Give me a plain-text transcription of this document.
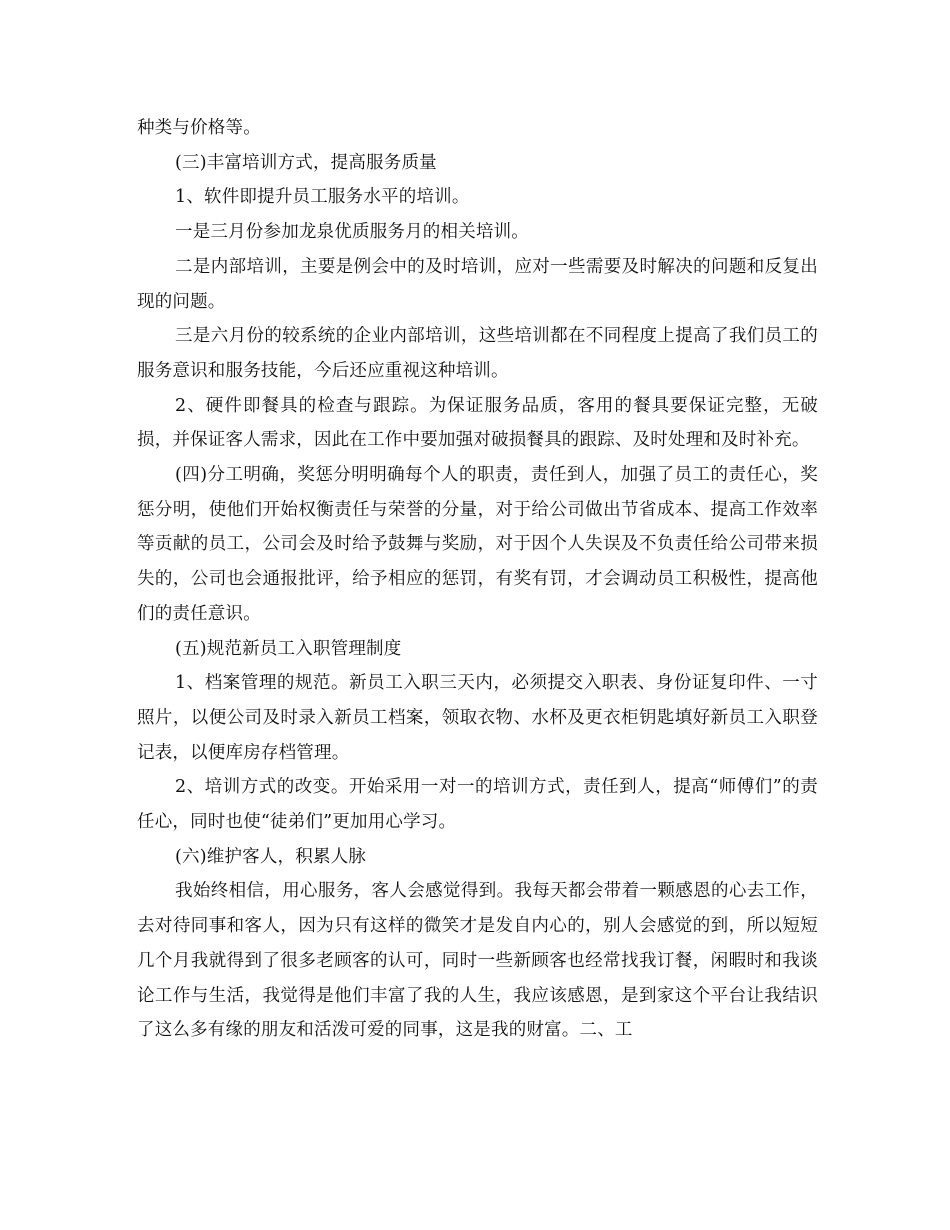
种类与价格等。

(三)丰富培训方式，提高服务质量

1、软件即提升员工服务水平的培训。

一是三月份参加龙泉优质服务月的相关培训。

二是内部培训，主要是例会中的及时培训，应对一些需要及时解决的问题和反复出现的问题。

三是六月份的较系统的企业内部培训，这些培训都在不同程度上提高了我们员工的服务意识和服务技能，今后还应重视这种培训。

2、硬件即餐具的检查与跟踪。为保证服务品质，客用的餐具要保证完整，无破损，并保证客人需求，因此在工作中要加强对破损餐具的跟踪、及时处理和及时补充。

(四)分工明确，奖惩分明明确每个人的职责，责任到人，加强了员工的责任心，奖惩分明，使他们开始权衡责任与荣誉的分量，对于给公司做出节省成本、提高工作效率等贡献的员工，公司会及时给予鼓舞与奖励，对于因个人失误及不负责任给公司带来损失的，公司也会通报批评，给予相应的惩罚，有奖有罚，才会调动员工积极性，提高他们的责任意识。

(五)规范新员工入职管理制度

1、档案管理的规范。新员工入职三天内，必须提交入职表、身份证复印件、一寸照片，以便公司及时录入新员工档案，领取衣物、水杯及更衣柜钥匙填好新员工入职登记表，以便库房存档管理。

2、培训方式的改变。开始采用一对一的培训方式，责任到人，提高“师傅们”的责任心，同时也使“徒弟们”更加用心学习。

(六)维护客人，积累人脉

我始终相信，用心服务，客人会感觉得到。我每天都会带着一颗感恩的心去工作，去对待同事和客人，因为只有这样的微笑才是发自内心的，别人会感觉的到，所以短短几个月我就得到了很多老顾客的认可，同时一些新顾客也经常找我订餐，闲暇时和我谈论工作与生活，我觉得是他们丰富了我的人生，我应该感恩，是到家这个平台让我结识了这么多有缘的朋友和活泼可爱的同事，这是我的财富。二、工
